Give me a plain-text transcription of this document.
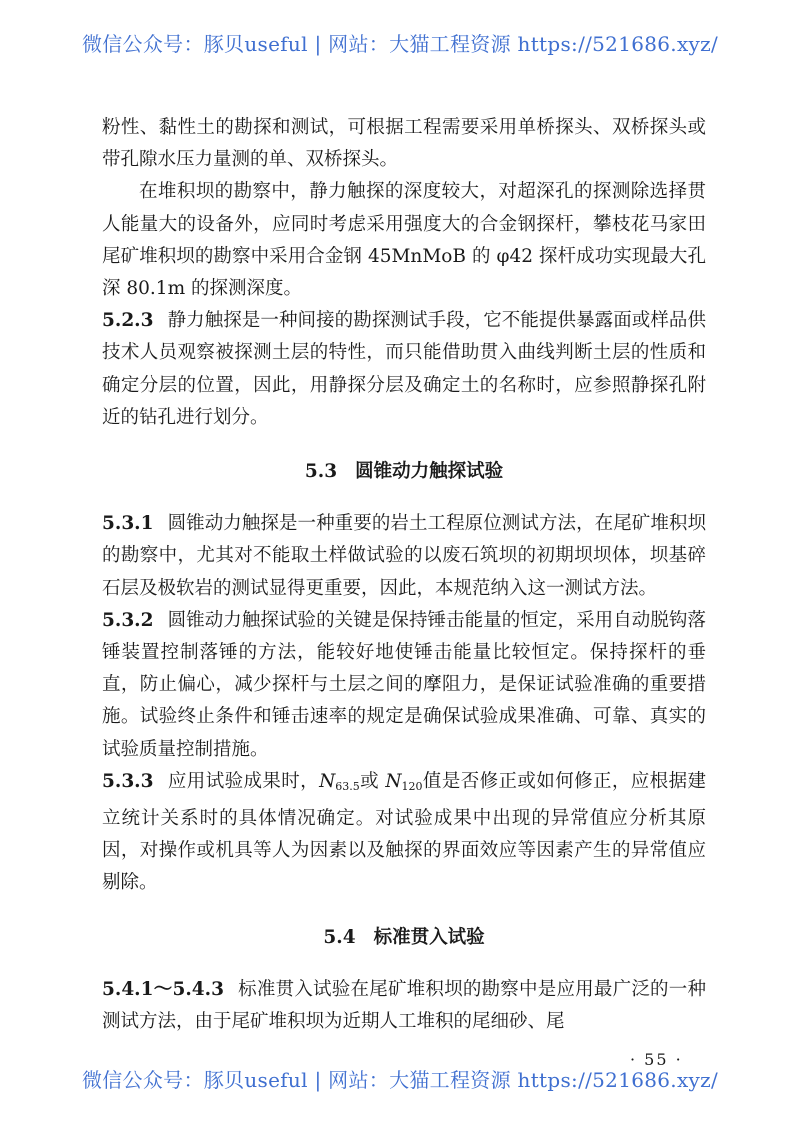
微信公众号：豚贝useful | 网站：大猫工程资源 https://521686.xyz/

粉性、黏性土的勘探和测试，可根据工程需要采用单桥探头、双桥探头或带孔隙水压力量测的单、双桥探头。

在堆积坝的勘察中，静力触探的深度较大，对超深孔的探测除选择贯人能量大的设备外，应同时考虑采用强度大的合金钢探杆，攀枝花马家田尾矿堆积坝的勘察中采用合金钢 45MnMoB 的 φ42 探杆成功实现最大孔深 80.1m 的探测深度。

5.2.3 静力触探是一种间接的勘探测试手段，它不能提供暴露面或样品供技术人员观察被探测土层的特性，而只能借助贯入曲线判断土层的性质和确定分层的位置，因此，用静探分层及确定土的名称时，应参照静探孔附近的钻孔进行划分。

5.3 圆锥动力触探试验

5.3.1 圆锥动力触探是一种重要的岩土工程原位测试方法，在尾矿堆积坝的勘察中，尤其对不能取土样做试验的以废石筑坝的初期坝坝体，坝基碎石层及极软岩的测试显得更重要，因此，本规范纳入这一测试方法。

5.3.2 圆锥动力触探试验的关键是保持锤击能量的恒定，采用自动脱钩落锤装置控制落锤的方法，能较好地使锤击能量比较恒定。保持探杆的垂直，防止偏心，减少探杆与土层之间的摩阻力，是保证试验准确的重要措施。试验终止条件和锤击速率的规定是确保试验成果准确、可靠、真实的试验质量控制措施。

5.3.3 应用试验成果时，$N_{63.5}$或 $N_{120}$值是否修正或如何修正，应根据建立统计关系时的具体情况确定。对试验成果中出现的异常值应分析其原因，对操作或机具等人为因素以及触探的界面效应等因素产生的异常值应剔除。

5.4 标准贯入试验

5.4.1～5.4.3 标准贯入试验在尾矿堆积坝的勘察中是应用最广泛的一种测试方法，由于尾矿堆积坝为近期人工堆积的尾细砂、尾

· 55 ·
微信公众号：豚贝useful | 网站：大猫工程资源 https://521686.xyz/
